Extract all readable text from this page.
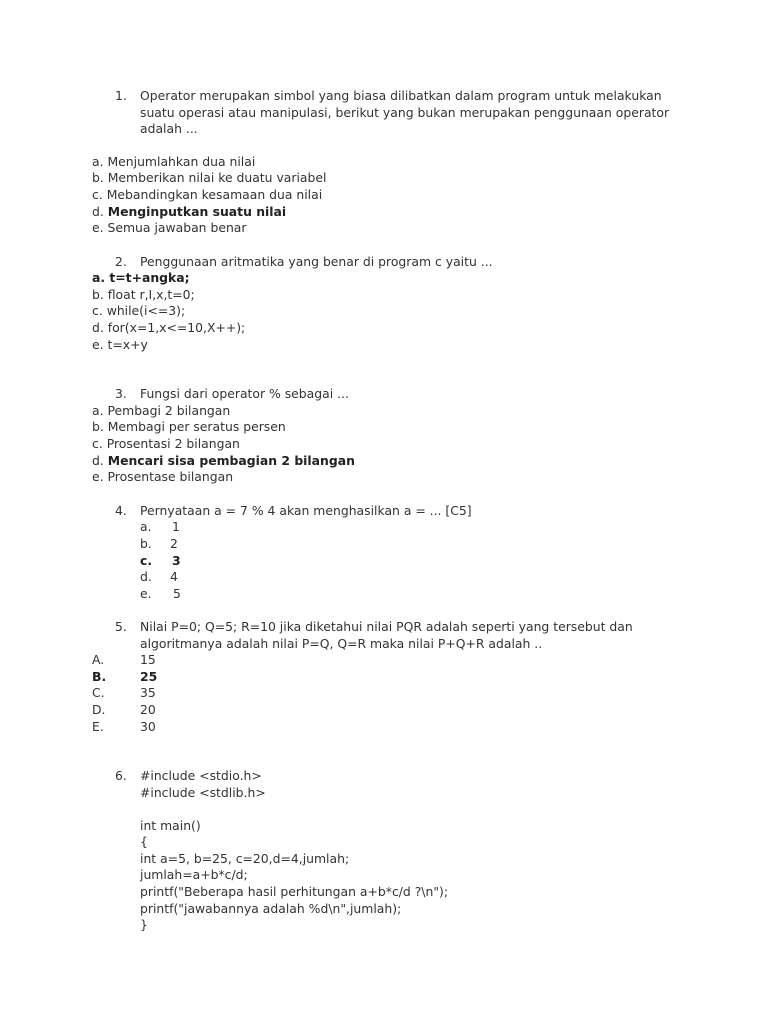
1. Operator merupakan simbol yang biasa dilibatkan dalam program untuk melakukan
suatu operasi atau manipulasi, berikut yang bukan merupakan penggunaan operator
adalah ...
a. Menjumlahkan dua nilai
b. Memberikan nilai ke duatu variabel
c. Mebandingkan kesamaan dua nilai
d. Menginputkan suatu nilai
e. Semua jawaban benar
2. Penggunaan aritmatika yang benar di program c yaitu ...
a. t=t+angka;
b. float r,I,x,t=0;
c. while(i<=3);
d. for(x=1,x<=10,X++);
e. t=x+y
3. Fungsi dari operator % sebagai ...
a. Pembagi 2 bilangan
b. Membagi per seratus persen
c. Prosentasi 2 bilangan
d. Mencari sisa pembagian 2 bilangan
e. Prosentase bilangan
4. Pernyataan a = 7 % 4 akan menghasilkan a = ... [C5]
a. 1
b. 2
c. 3
d. 4
e. 5
5. Nilai P=0; Q=5; R=10 jika diketahui nilai PQR adalah seperti yang tersebut dan
algoritmanya adalah nilai P=Q, Q=R maka nilai P+Q+R adalah ..
A.	15
B.	25
C.	35
D.	20
E.	30
6. #include <stdio.h>
#include <stdlib.h>
int main()
{
int a=5, b=25, c=20,d=4,jumlah;
jumlah=a+b*c/d;
printf("Beberapa hasil perhitungan a+b*c/d ?\n");
printf("jawabannya adalah %d\n",jumlah);
}
